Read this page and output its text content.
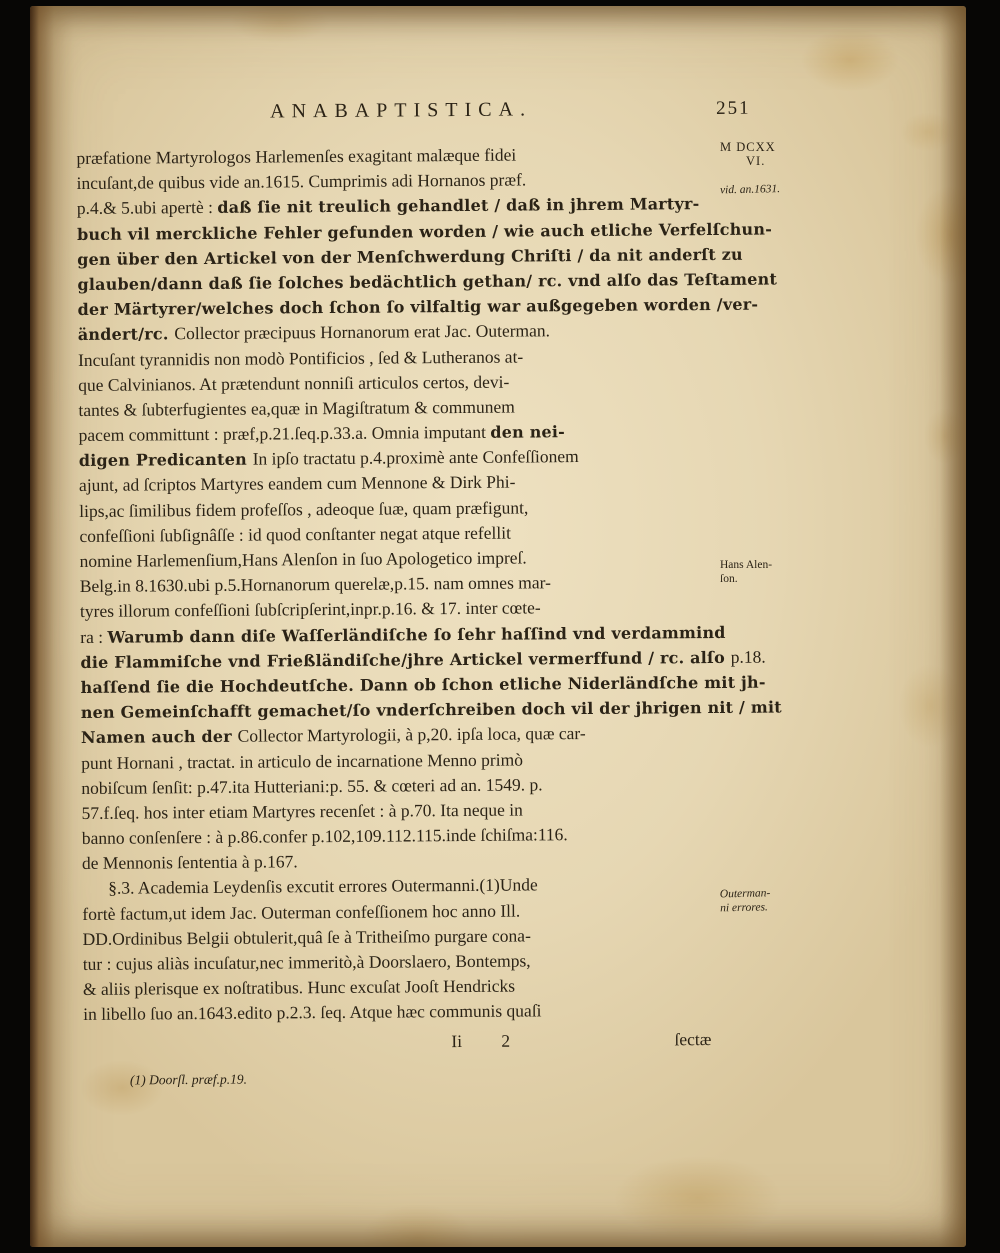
ANABAPTISTICA.	251
præfatione Martyrologos Harlemenſes exagitant malæque fidei
incuſant,de quibus vide an.1615. Cumprimis adi Hornanos præf.
p.4.& 5.ubi apertè : daß ſie nit treulich gehandlet / daß in jhrem Martyr-
buch vil merckliche Fehler gefunden worden / wie auch etliche Verfelſchun-
gen über den Artickel von der Menſchwerdung Chriſti / da nit anderſt zu
glauben/dann daß ſie ſolches bedächtlich gethan/ rc. vnd alſo das Teſtament
der Märtyrer/welches doch ſchon ſo vilfaltig war außgegeben worden /ver-
ändert/rc. Collector præcipuus Hornanorum erat Jac. Outerman.
Incuſant tyrannidis non modò Pontificios , ſed & Lutheranos at-
que Calvinianos. At prætendunt nonniſi articulos certos, devi-
tantes & ſubterfugientes ea,quæ in Magiſtratum & communem
pacem committunt : præf,p.21.ſeq.p.33.a. Omnia imputant den nei-
digen Predicanten In ipſo tractatu p.4.proximè ante Confeſſionem
ajunt, ad ſcriptos Martyres eandem cum Mennone & Dirk Phi-
lips,ac ſimilibus fidem profeſſos , adeoque ſuæ, quam præfigunt,
confeſſioni ſubſignâſſe : id quod conſtanter negat atque refellit
nomine Harlemenſium,Hans Alenſon in ſuo Apologetico impreſ.
Belg.in 8.1630.ubi p.5.Hornanorum querelæ,p.15. nam omnes mar-
tyres illorum confeſſioni ſubſcripſerint,inpr.p.16. & 17. inter cœte-
ra : Warumb dann diſe Waſſerländiſche ſo ſehr haſſind vnd verdammind
die Flammiſche vnd Frießländiſche/jhre Artickel vermerffund / rc. alſo p.18.
haſſend ſie die Hochdeutſche. Dann ob ſchon etliche Niderländſche mit jh-
nen Gemeinſchafft gemachet/ſo vnderſchreiben doch vil der jhrigen nit / mit
Namen auch der Collector Martyrologii, à p,20. ipſa loca, quæ car-
punt Hornani , tractat. in articulo de incarnatione Menno primò
nobiſcum ſenſit: p.47.ita Hutteriani:p. 55. & cœteri ad an. 1549. p.
57.f.ſeq. hos inter etiam Martyres recenſet : à p.70. Ita neque in
banno conſenſere : à p.86.confer p.102,109.112.115.inde ſchiſma:116.
de Mennonis ſententia à p.167.
§.3. Academia Leydenſis excutit errores Outermanni.(1)Unde
fortè factum,ut idem Jac. Outerman confeſſionem hoc anno Ill.
DD.Ordinibus Belgii obtulerit,quâ ſe à Tritheiſmo purgare cona-
tur : cujus aliàs incuſatur,nec immeritò,à Doorslaero, Bontemps,
& aliis plerisque ex noſtratibus. Hunc excuſat Jooſt Hendricks
in libello ſuo an.1643.edito p.2.3. ſeq. Atque hæc communis quaſi
Ii 2	ſectæ
M DCXX
VI.
vid. an.1631.
Hans Alen-
ſon.
Outerman-
ni errores.
(1) Doorſl. præf.p.19.
